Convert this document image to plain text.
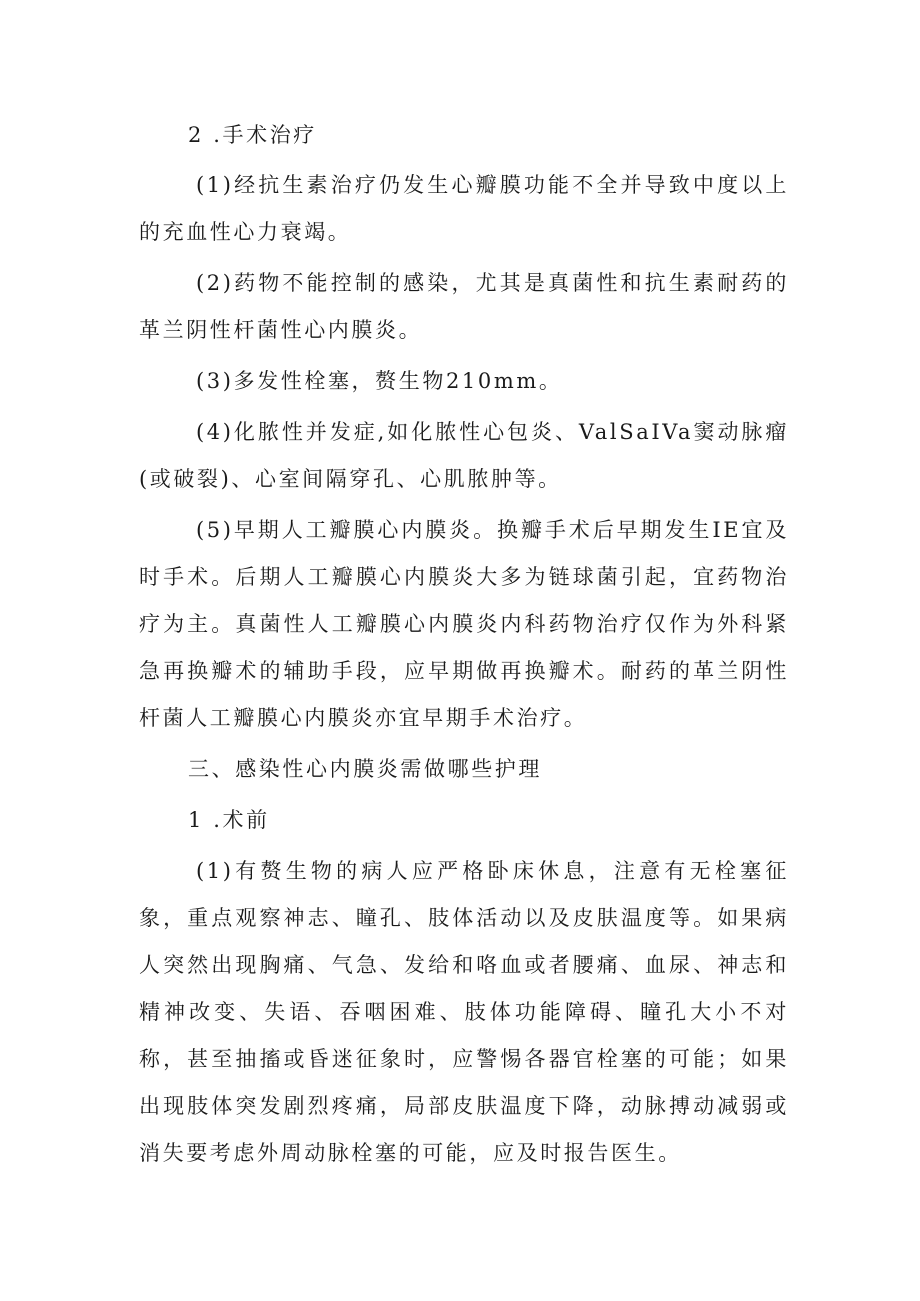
2 .手术治疗

(1)经抗生素治疗仍发生心瓣膜功能不全并导致中度以上的充血性心力衰竭。

(2)药物不能控制的感染，尤其是真菌性和抗生素耐药的革兰阴性杆菌性心内膜炎。

(3)多发性栓塞，赘生物210mm。

(4)化脓性并发症,如化脓性心包炎、ValSaIVa窦动脉瘤(或破裂)、心室间隔穿孔、心肌脓肿等。

(5)早期人工瓣膜心内膜炎。换瓣手术后早期发生IE宜及时手术。后期人工瓣膜心内膜炎大多为链球菌引起，宜药物治疗为主。真菌性人工瓣膜心内膜炎内科药物治疗仅作为外科紧急再换瓣术的辅助手段，应早期做再换瓣术。耐药的革兰阴性杆菌人工瓣膜心内膜炎亦宜早期手术治疗。

三、感染性心内膜炎需做哪些护理

1 .术前

(1)有赘生物的病人应严格卧床休息，注意有无栓塞征象，重点观察神志、瞳孔、肢体活动以及皮肤温度等。如果病人突然出现胸痛、气急、发给和咯血或者腰痛、血尿、神志和精神改变、失语、吞咽困难、肢体功能障碍、瞳孔大小不对称，甚至抽搐或昏迷征象时，应警惕各器官栓塞的可能；如果出现肢体突发剧烈疼痛，局部皮肤温度下降，动脉搏动减弱或消失要考虑外周动脉栓塞的可能，应及时报告医生。
